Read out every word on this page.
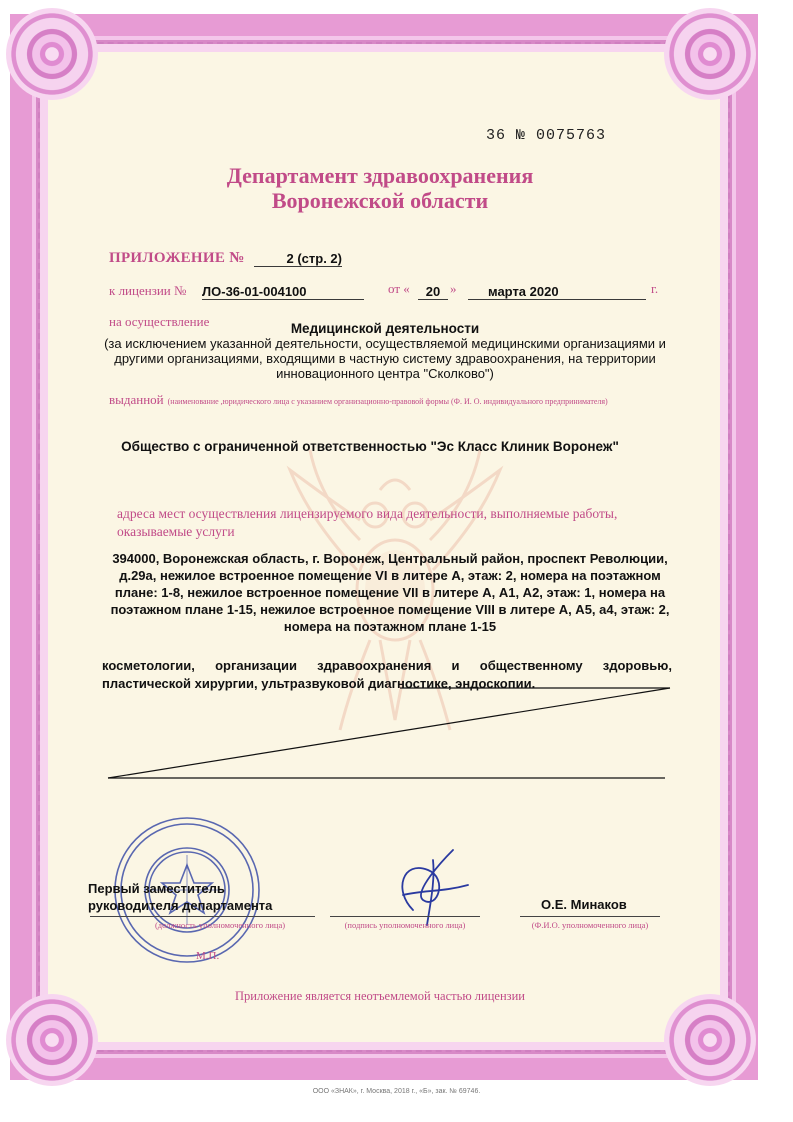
36 № 0075763
Департамент здравоохранения
Воронежской области
ПРИЛОЖЕНИЕ №	2 (стр. 2)
к лицензии № ЛО-36-01-004100	от «	20 »	марта 2020	г.
на осуществление	Медицинской деятельности
(за исключением указанной деятельности, осуществляемой медицинскими организациями и другими организациями, входящими в частную систему здравоохранения, на территории инновационного центра "Сколково")
выданной (наименование ,юридического лица с указанием организационно-правовой формы (Ф. И. О. индивидуального предпринимателя)
Общество с ограниченной ответственностью "Эс Класс Клиник Воронеж"
адреса мест осуществления лицензируемого вида деятельности, выполняемые работы, оказываемые услуги
394000, Воронежская область, г. Воронеж, Центральный район, проспект Революции, д.29а, нежилое встроенное помещение VI в литере А, этаж: 2, номера на поэтажном плане: 1-8, нежилое встроенное помещение VII в литере А, А1, А2, этаж: 1, номера на поэтажном плане 1-15, нежилое встроенное помещение VIII в литере А, А5, а4, этаж: 2, номера на поэтажном плане 1-15
косметологии, организации здравоохранения и общественному здоровью, пластической хирургии, ультразвуковой диагностике, эндоскопии.
Первый заместитель
руководителя департамента	О.Е. Минаков
(должность уполномоченного лица)	(подпись уполномоченного лица)	(Ф.И.О. уполномоченного лица)
М.П.
Приложение является неотъемлемой частью лицензии
ООО «ЗНАК», г. Москва, 2018 г., «Б», зак. № 69746.
